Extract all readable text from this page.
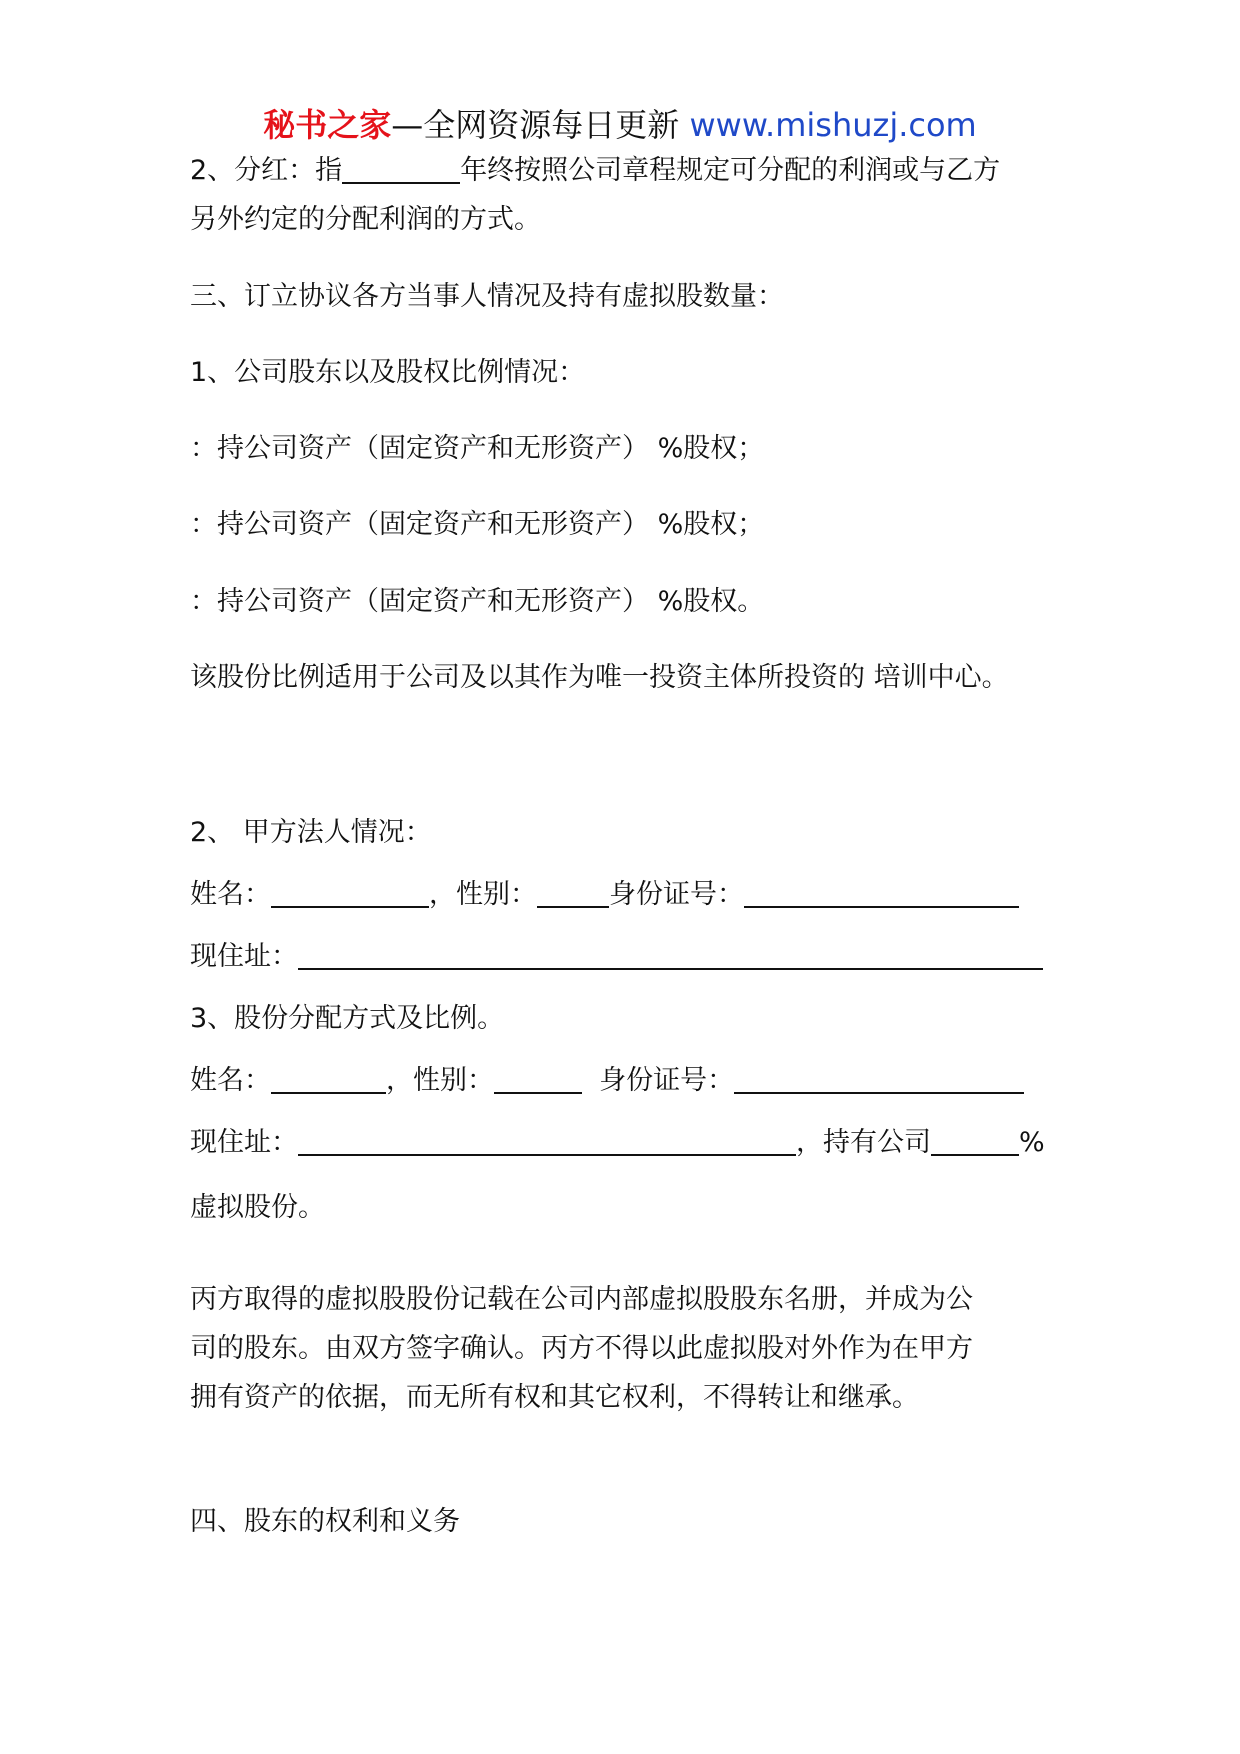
秘书之家—全网资源每日更新 www.mishuzj.com
2、分红：指	年终按照公司章程规定可分配的利润或与乙方
另外约定的分配利润的方式。
三、订立协议各方当事人情况及持有虚拟股数量：
1、公司股东以及股权比例情况：
：持公司资产（固定资产和无形资产） %股权；
：持公司资产（固定资产和无形资产） %股权；
：持公司资产（固定资产和无形资产） %股权。
该股份比例适用于公司及以其作为唯一投资主体所投资的 培训中心。
2、 甲方法人情况：
姓名：	，性别：	身份证号：
现住址：
3、股份分配方式及比例。
姓名：	，性别：	身份证号：
现住址：	，持有公司	%
虚拟股份。
丙方取得的虚拟股股份记载在公司内部虚拟股股东名册，并成为公
司的股东。由双方签字确认。丙方不得以此虚拟股对外作为在甲方
拥有资产的依据，而无所有权和其它权利，不得转让和继承。
四、股东的权利和义务
